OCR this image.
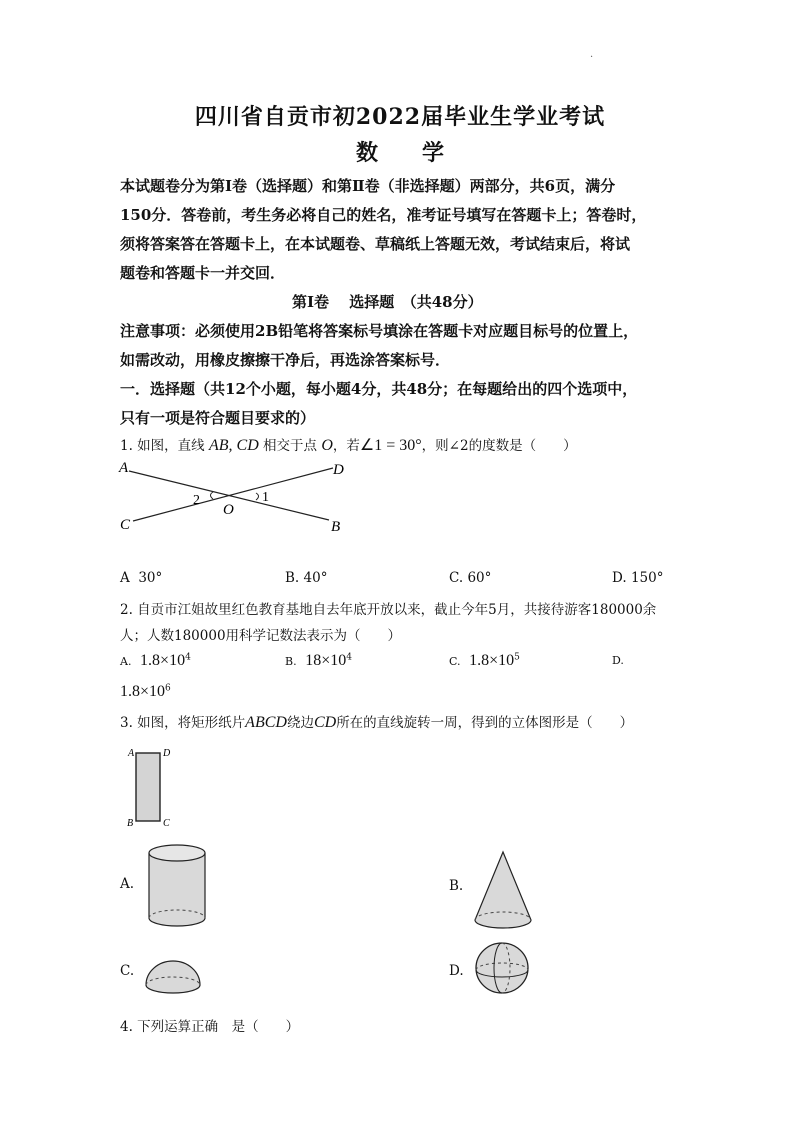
·
四川省自贡市初2022届毕业生学业考试
数 学
本试题卷分为第Ⅰ卷（选择题）和第Ⅱ卷（非选择题）两部分，共6页，满分
150分．答卷前，考生务必将自己的姓名，准考证号填写在答题卡上；答卷时，
须将答案答在答题卡上，在本试题卷、草稿纸上答题无效，考试结束后，将试
题卷和答题卡一并交回．
第Ⅰ卷　 选择题　（共48分）
注意事项：必须使用2B铅笔将答案标号填涂在答题卡对应题目标号的位置上，
如需改动，用橡皮擦擦干净后，再选涂答案标号．
一．选择题（共12个小题，每小题4分，共48分；在每题给出的四个选项中，
只有一项是符合题目要求的）
1. 如图，直线 AB, CD 相交于点 O，若∠1 = 30°，则∠2的度数是（　　）
A	D
C	B
O
1
2
A 30°	B. 40°	C. 60°	D. 150°
2. 自贡市江姐故里红色教育基地自去年底开放以来，截止今年5月，共接待游客180000余
人；人数180000用科学记数法表示为（　　）
A. $1.8\times 10^4$	B. $18\times 10^4$	C. $1.8\times 10^5$	D.
$1.8\times 10^6$
3. 如图，将矩形纸片ABCD绕边CD所在的直线旋转一周，得到的立体图形是（　　）
A	D
B	C
A.	B.
C.	D.
4. 下列运算正确　是（　　）
